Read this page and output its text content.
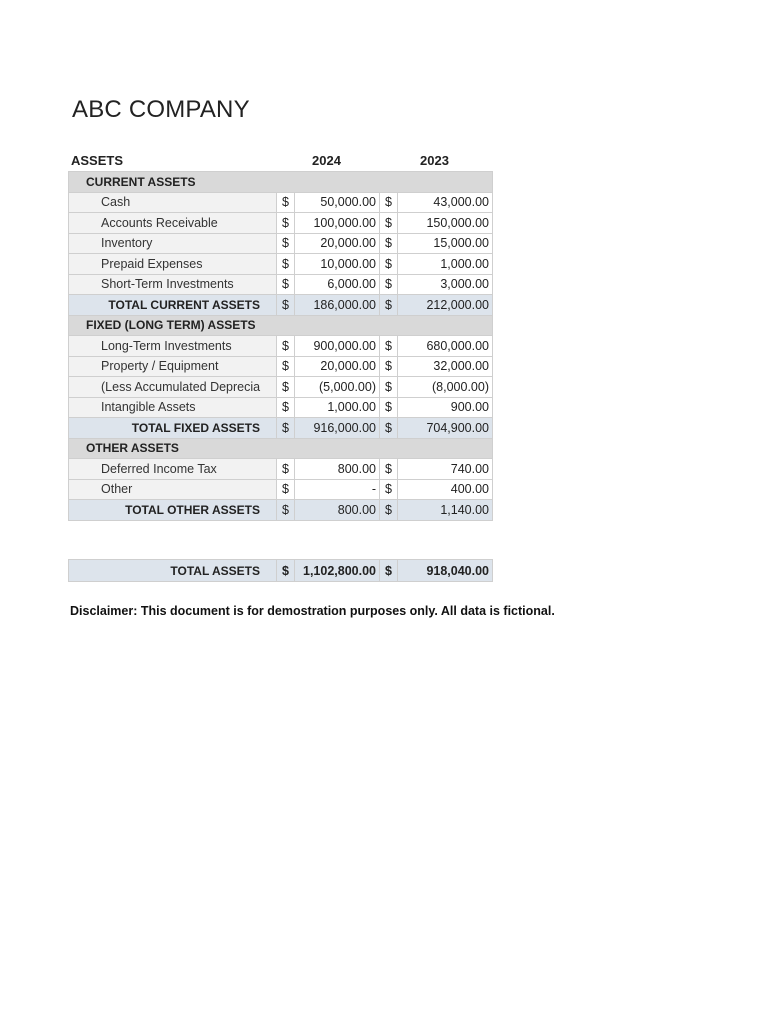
ABC COMPANY
ASSETS	2024	2023
CURRENT ASSETS				
Cash	$	50,000.00	$	43,000.00
Accounts Receivable	$	100,000.00	$	150,000.00
Inventory	$	20,000.00	$	15,000.00
Prepaid Expenses	$	10,000.00	$	1,000.00
Short-Term Investments	$	6,000.00	$	3,000.00
TOTAL CURRENT ASSETS	$	186,000.00	$	212,000.00
FIXED (LONG TERM) ASSETS				
Long-Term Investments	$	900,000.00	$	680,000.00
Property / Equipment	$	20,000.00	$	32,000.00
(Less Accumulated Deprecia	$	(5,000.00)	$	(8,000.00)
Intangible Assets	$	1,000.00	$	900.00
TOTAL FIXED ASSETS	$	916,000.00	$	704,900.00
OTHER ASSETS				
Deferred Income Tax	$	800.00	$	740.00
Other	$	-	$	400.00
TOTAL OTHER ASSETS	$	800.00	$	1,140.00
TOTAL ASSETS	$	1,102,800.00	$	918,040.00
Disclaimer: This document is for demostration purposes only. All data is fictional.
